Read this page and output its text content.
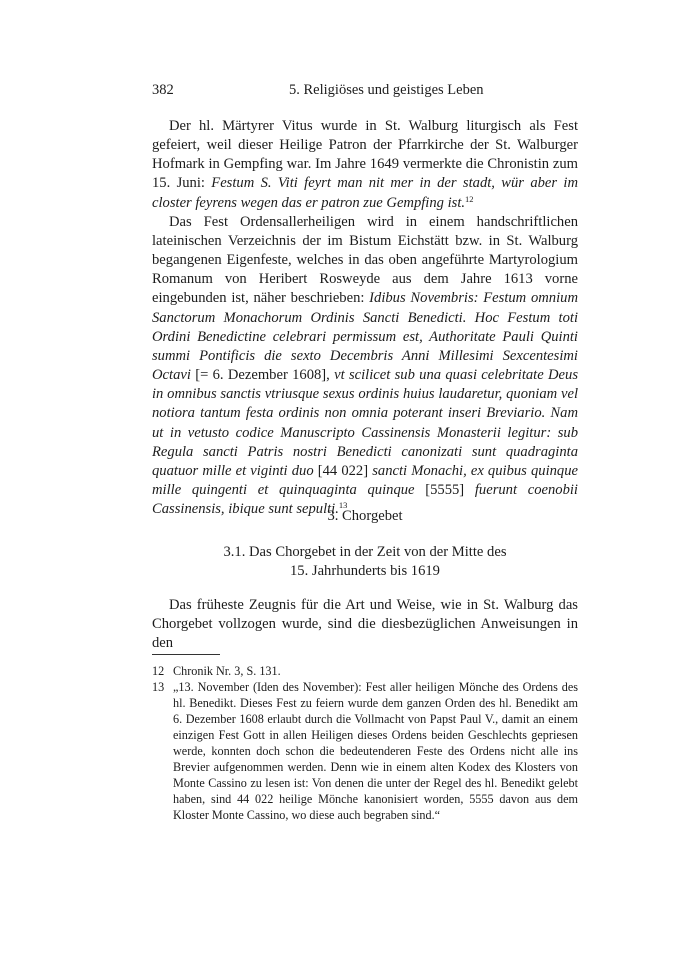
382	5. Religiöses und geistiges Leben

Der hl. Märtyrer Vitus wurde in St. Walburg liturgisch als Fest gefeiert, weil dieser Heilige Patron der Pfarrkirche der St. Walburger Hofmark in Gempfing war. Im Jahre 1649 vermerkte die Chronistin zum 15. Juni: Festum S. Viti feyrt man nit mer in der stadt, wür aber im closter feyrens wegen das er patron zue Gempfing ist.$^{12}$

Das Fest Ordensallerheiligen wird in einem handschriftlichen lateinischen Verzeichnis der im Bistum Eichstätt bzw. in St. Walburg begangenen Eigenfeste, welches in das oben angeführte Martyrologium Romanum von Heribert Rosweyde aus dem Jahre 1613 vorne eingebunden ist, näher beschrieben: Idibus Novembris: Festum omnium Sanctorum Monachorum Ordinis Sancti Benedicti. Hoc Festum toti Ordini Benedictine celebrari permissum est, Authoritate Pauli Quinti summi Pontificis die sexto Decembris Anni Millesimi Sexcentesimi Octavi [= 6. Dezember 1608], vt scilicet sub una quasi celebritate Deus in omnibus sanctis vtriusque sexus ordinis huius laudaretur, quoniam vel notiora tantum festa ordinis non omnia poterant inseri Breviario. Nam ut in vetusto codice Manuscripto Cassinensis Monasterii legitur: sub Regula sancti Patris nostri Benedicti canonizati sunt quadraginta quatuor mille et viginti duo [44 022] sancti Monachi, ex quibus quinque mille quingenti et quinquaginta quinque [5555] fuerunt coenobii Cassinensis, ibique sunt sepulti.$^{13}$

3. Chorgebet
3.1. Das Chorgebet in der Zeit von der Mitte des
15. Jahrhunderts bis 1619

Das früheste Zeugnis für die Art und Weise, wie in St. Walburg das Chorgebet vollzogen wurde, sind die diesbezüglichen Anweisungen in den

12 Chronik Nr. 3, S. 131.
13 „13. November (Iden des November): Fest aller heiligen Mönche des Ordens des hl. Benedikt. Dieses Fest zu feiern wurde dem ganzen Orden des hl. Benedikt am 6. Dezember 1608 erlaubt durch die Vollmacht von Papst Paul V., damit an einem einzigen Fest Gott in allen Heiligen dieses Ordens beiden Geschlechts gepriesen werde, konnten doch schon die bedeutenderen Feste des Ordens nicht alle ins Brevier aufgenommen werden. Denn wie in einem alten Kodex des Klosters von Monte Cassino zu lesen ist: Von denen die unter der Regel des hl. Benedikt gelebt haben, sind 44 022 heilige Mönche kanonisiert worden, 5555 davon aus dem Kloster Monte Cassino, wo diese auch begraben sind.“
